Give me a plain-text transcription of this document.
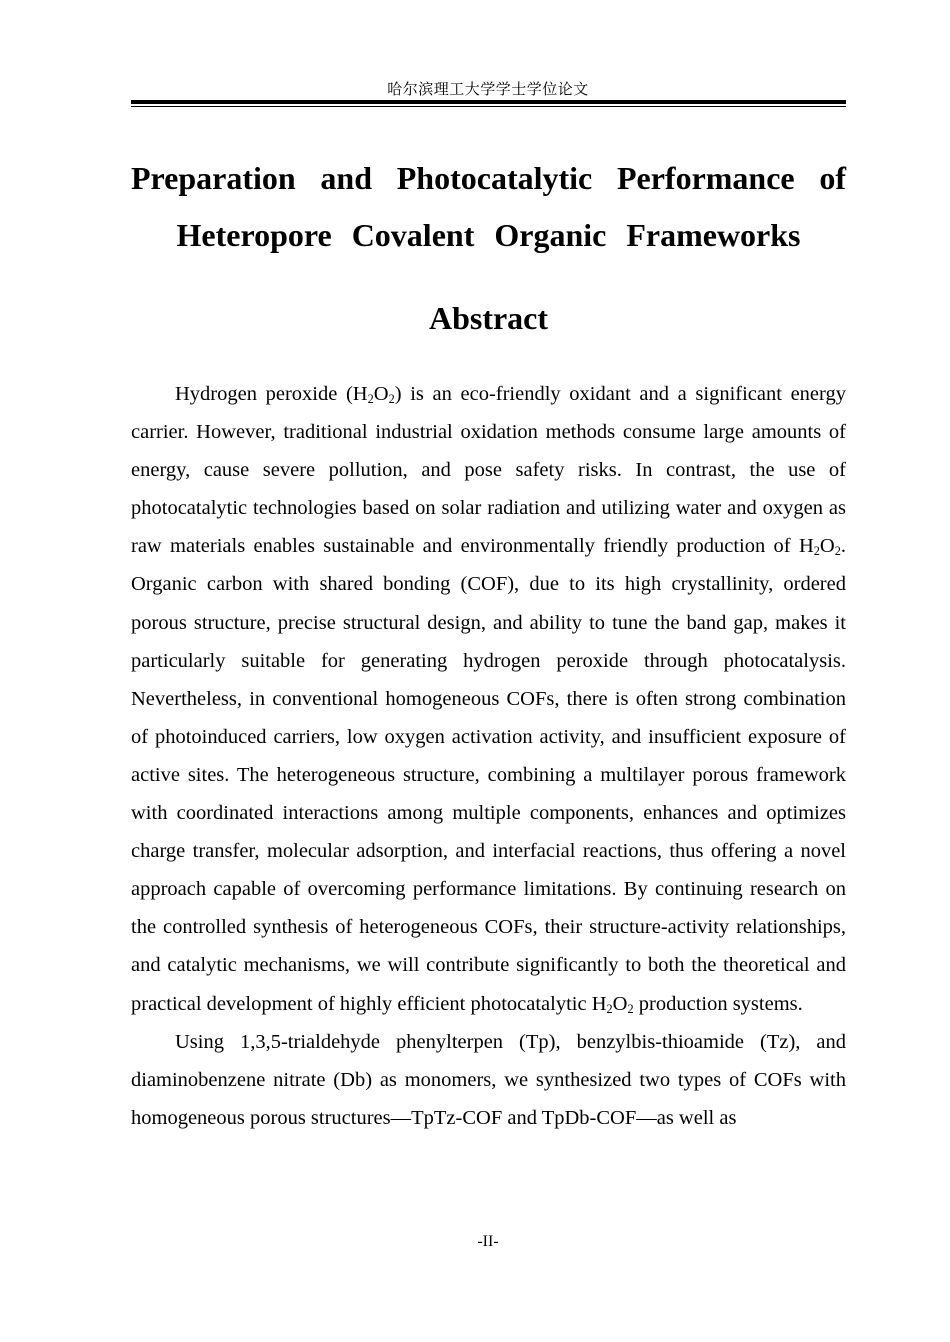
哈尔滨理工大学学士学位论文
Preparation and Photocatalytic Performance of
Heteropore Covalent Organic Frameworks
Abstract

Hydrogen peroxide $(H_2O_2)$ is an eco-friendly oxidant and a significant energy carrier. However, traditional industrial oxidation methods consume large amounts of energy, cause severe pollution, and pose safety risks. In contrast, the use of photocatalytic technologies based on solar radiation and utilizing water and oxygen as raw materials enables sustainable and environmentally friendly production of $H_2O_2$. Organic carbon with shared bonding (COF), due to its high crystallinity, ordered porous structure, precise structural design, and ability to tune the band gap, makes it particularly suitable for generating hydrogen peroxide through photocatalysis. Nevertheless, in conventional homogeneous COFs, there is often strong combination of photoinduced carriers, low oxygen activation activity, and insufficient exposure of active sites. The heterogeneous structure, combining a multilayer porous framework with coordinated interactions among multiple components, enhances and optimizes charge transfer, molecular adsorption, and interfacial reactions, thus offering a novel approach capable of overcoming performance limitations. By continuing research on the controlled synthesis of heterogeneous COFs, their structure-activity relationships, and catalytic mechanisms, we will contribute significantly to both the theoretical and practical development of highly efficient photocatalytic $H_2O_2$ production systems.

Using 1,3,5-trialdehyde phenylterpen (Tp), benzylbis-thioamide (Tz), and diaminobenzene nitrate (Db) as monomers, we synthesized two types of COFs with homogeneous porous structures—TpTz-COF and TpDb-COF—as well as

-II-
